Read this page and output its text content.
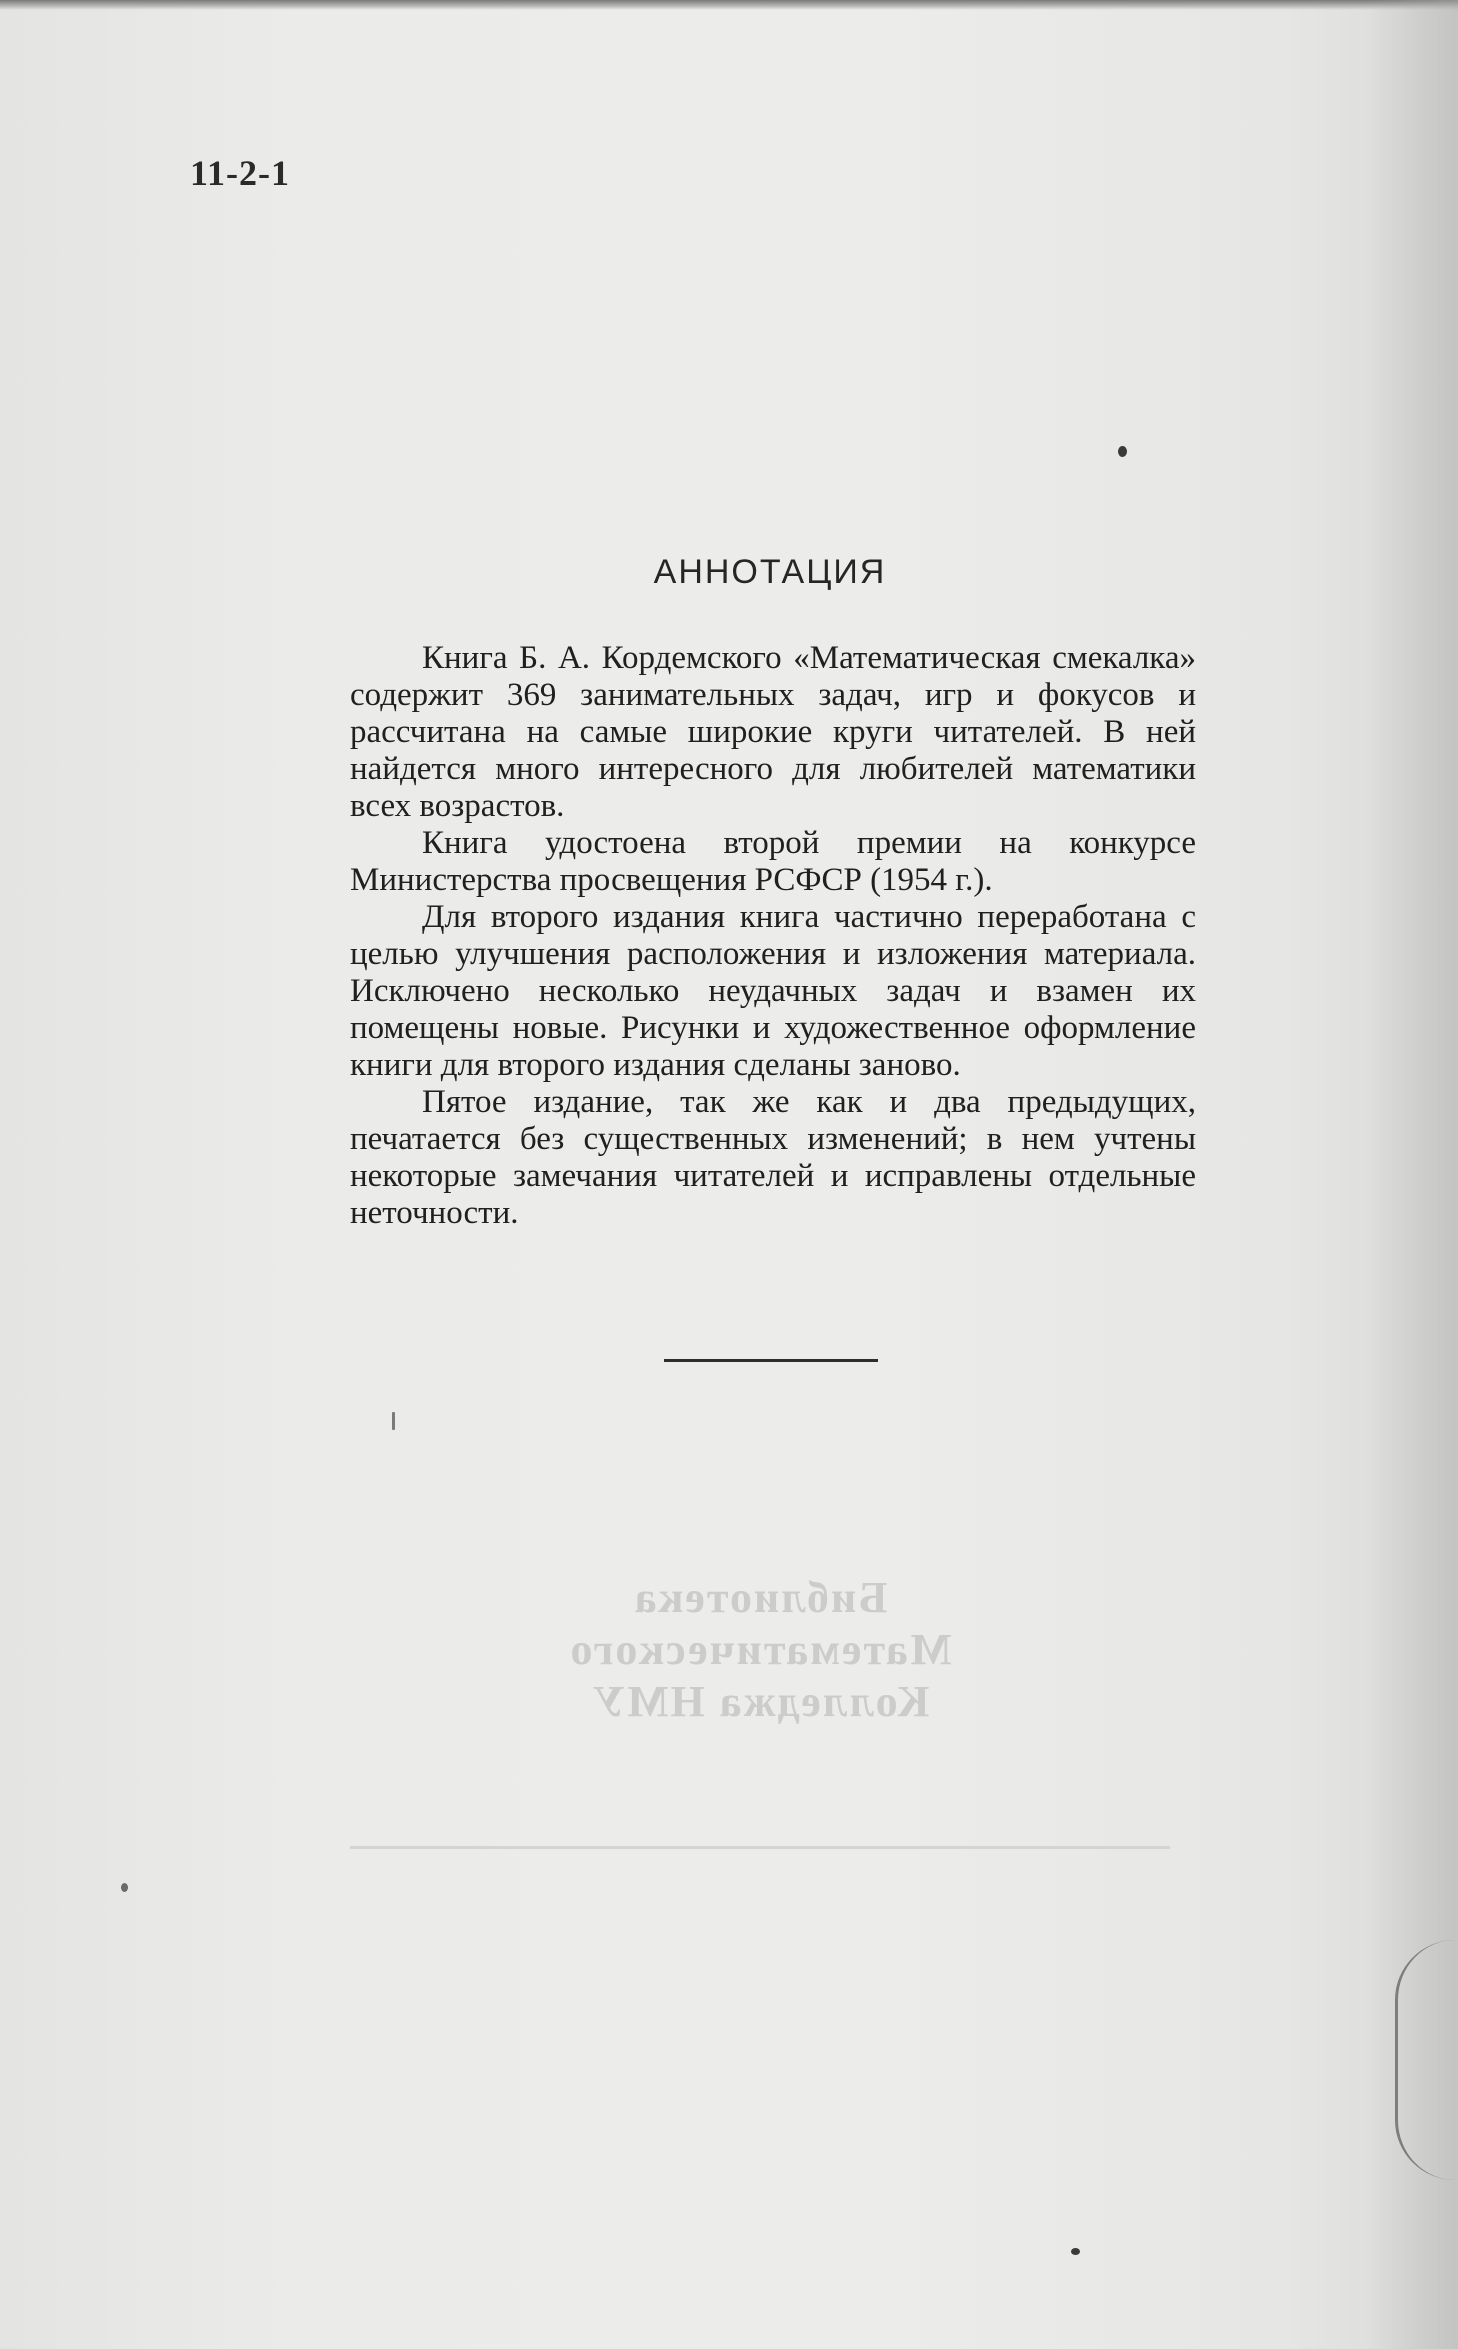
11-2-1
АННОТАЦИЯ

Книга Б. А. Кордемского «Математическая смекалка» содержит 369 занимательных задач, игр и фокусов и рассчитана на самые широкие круги читателей. В ней найдется много интересного для любителей математики всех возрастов.

Книга удостоена второй премии на конкурсе Министерства просвещения РСФСР (1954 г.).

Для второго издания книга частично переработана с целью улучшения расположения и изложения материала. Исключено несколько неудачных задач и взамен их помещены новые. Рисунки и художественное оформление книги для второго издания сделаны заново.

Пятое издание, так же как и два предыдущих, печатается без существенных изменений; в нем учтены некоторые замечания читателей и исправлены отдельные неточности.

Библиотека
Математического
Колледжа НМУ
